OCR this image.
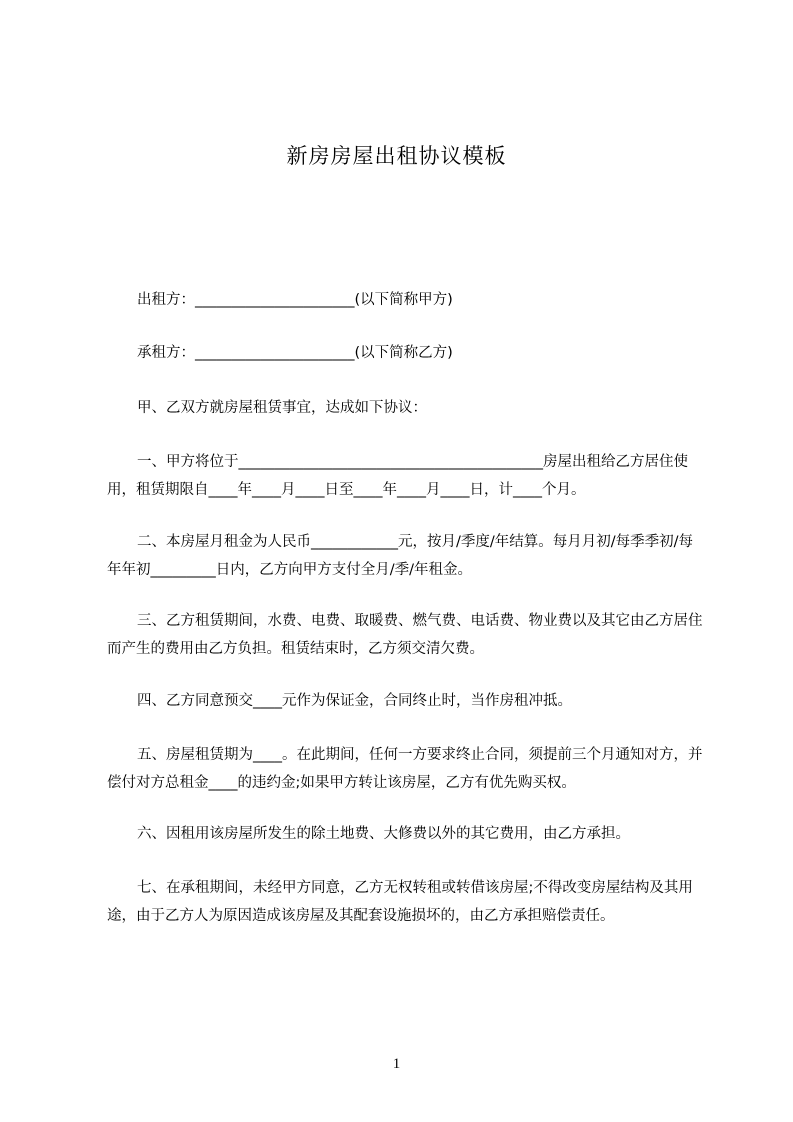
新房房屋出租协议模板
出租方：______________________(以下简称甲方)
承租方：______________________(以下简称乙方)
甲、乙双方就房屋租赁事宜，达成如下协议：
一、甲方将位于__________________________________________房屋出租给乙方居住使用，租赁期限自____年____月____日至____年____月____日，计____个月。
二、本房屋月租金为人民币____________元，按月/季度/年结算。每月月初/每季季初/每年年初_________日内，乙方向甲方支付全月/季/年租金。
三、乙方租赁期间，水费、电费、取暖费、燃气费、电话费、物业费以及其它由乙方居住而产生的费用由乙方负担。租赁结束时，乙方须交清欠费。
四、乙方同意预交____元作为保证金，合同终止时，当作房租冲抵。
五、房屋租赁期为____。在此期间，任何一方要求终止合同，须提前三个月通知对方，并偿付对方总租金____的违约金;如果甲方转让该房屋，乙方有优先购买权。
六、因租用该房屋所发生的除土地费、大修费以外的其它费用，由乙方承担。
七、在承租期间，未经甲方同意，乙方无权转租或转借该房屋;不得改变房屋结构及其用途，由于乙方人为原因造成该房屋及其配套设施损坏的，由乙方承担赔偿责任。
1
